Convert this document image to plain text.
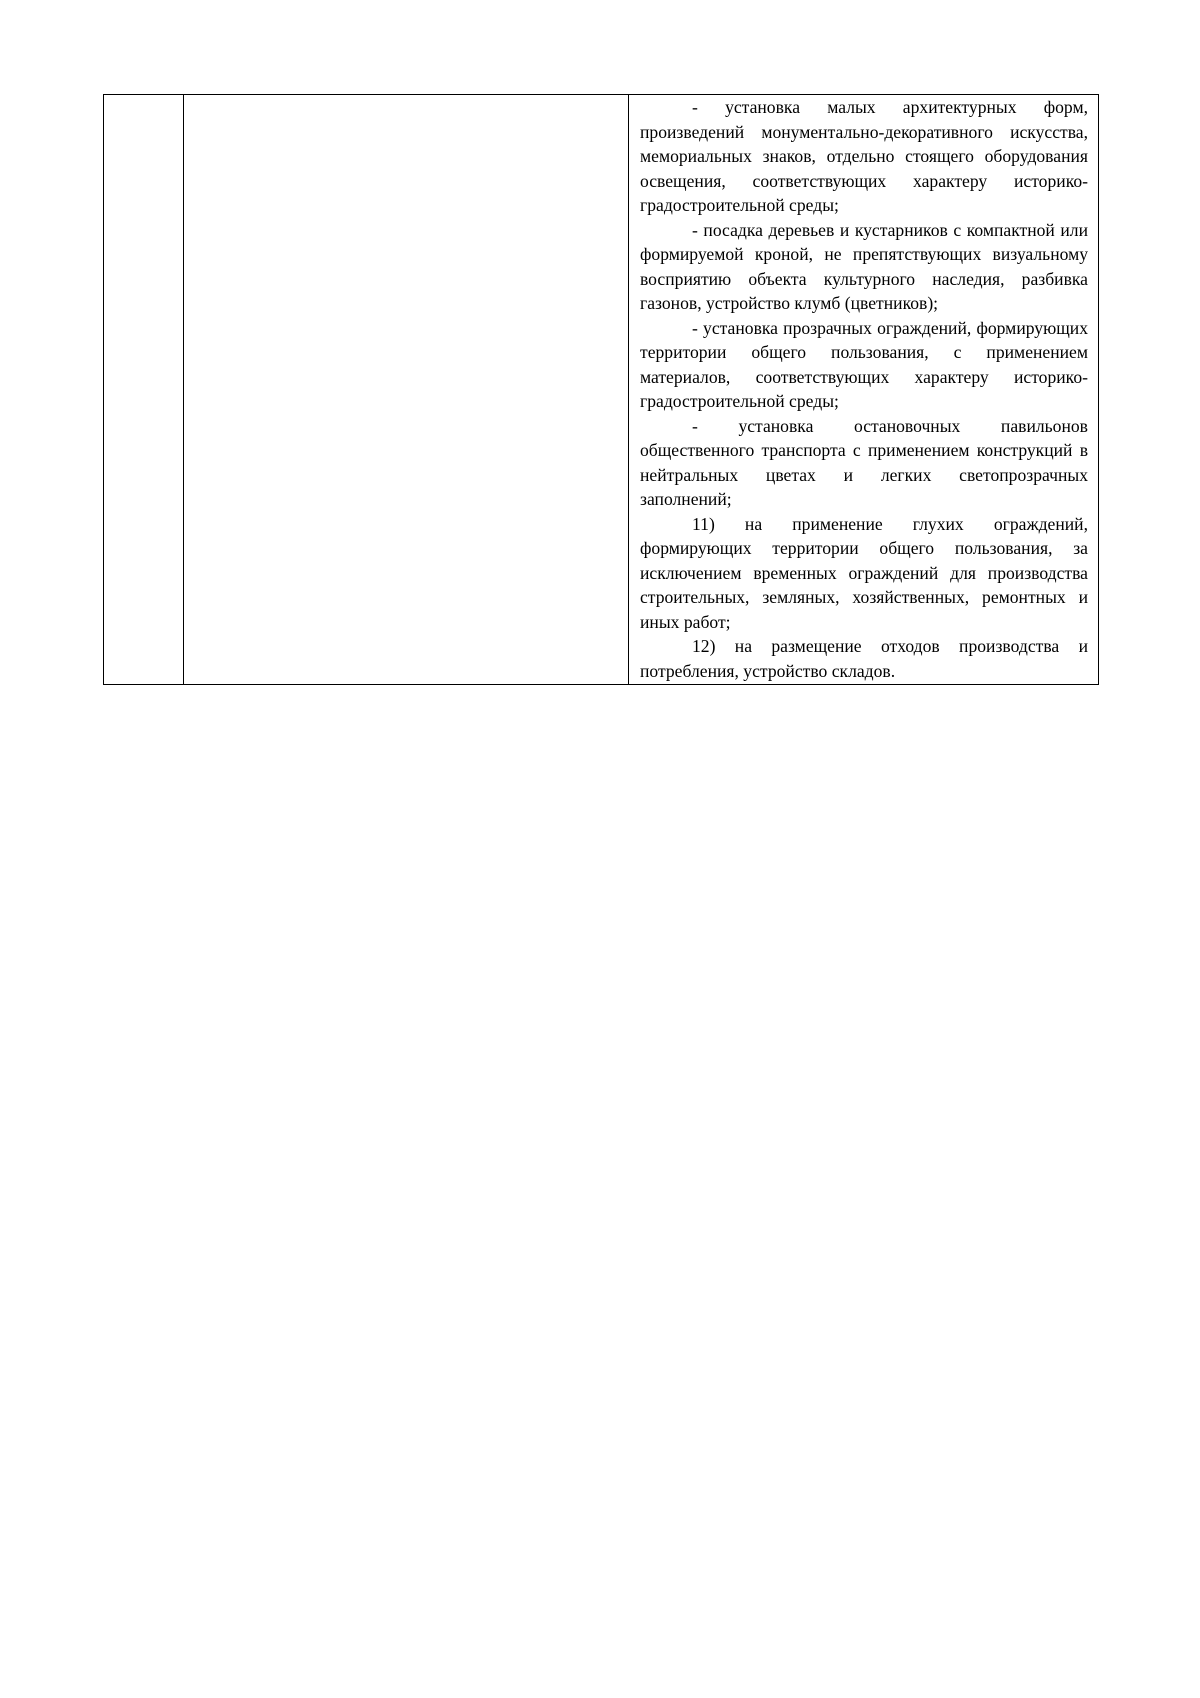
- установка малых архитектурных форм, произведений монументально-декоративного искусства, мемориальных знаков, отдельно стоящего оборудования освещения, соответствующих характеру историко-градостроительной среды;

- посадка деревьев и кустарников с компактной или формируемой кроной, не препятствующих визуальному восприятию объекта культурного наследия, разбивка газонов, устройство клумб (цветников);

- установка прозрачных ограждений, формирующих территории общего пользования, с применением материалов, соответствующих характеру историко-градостроительной среды;

- установка остановочных павильонов общественного транспорта с применением конструкций в нейтральных цветах и легких светопрозрачных заполнений;

11) на применение глухих ограждений, формирующих территории общего пользования, за исключением временных ограждений для производства строительных, земляных, хозяйственных, ремонтных и иных работ;

12) на размещение отходов производства и потребления, устройство складов.
